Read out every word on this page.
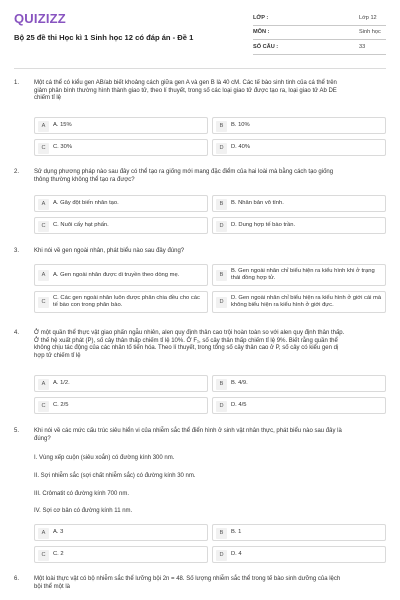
QUIZIZZ
Bộ 25 đề thi Học kì 1 Sinh học 12 có đáp án - Đề 1
LỚP :	Lớp 12
MÔN :	Sinh học
SỐ CÂU :	33
1. Một cá thể có kiểu gen AB/ab biết khoảng cách giữa gen A và gen B là 40 cM. Các tế bào sinh tinh của cá thể trên
giảm phân bình thường hình thành giao tử, theo lí thuyết, trong số các loại giao tử được tạo ra, loại giao tử Ab DE
chiếm tỉ lệ
A	A. 15%	B	B. 10%
C	C. 30%	D	D. 40%
2. Sử dụng phương pháp nào sau đây có thể tạo ra giống mới mang đặc điểm của hai loài mà bằng cách tạo giống
thông thường không thể tạo ra được?
A	A. Gây đột biến nhân tạo.	B	B. Nhân bản vô tính.
C	C. Nuôi cấy hạt phấn.	D	D. Dung hợp tế bào trần.
3. Khi nói về gen ngoài nhân, phát biểu nào sau đây đúng?
A	A. Gen ngoài nhân được di truyền theo dòng mẹ.	B
B. Gen ngoài nhân chỉ biểu hiện ra kiểu hình khi ở trạng thái đồng hợp tử.
C
C. Các gen ngoài nhân luôn được phân chia đều cho các tế bào con trong phân bào.	D
D. Gen ngoài nhân chỉ biểu hiện ra kiểu hình ở giới cái mà không biểu hiện ra kiểu hình ở giới đực.
4. Ở một quần thể thực vật giao phấn ngẫu nhiên, alen quy định thân cao trội hoàn toàn so với alen quy định thân thấp.
Ở thế hệ xuất phát (P), số cây thân thấp chiếm tỉ lệ 10%. Ở F₁, số cây thân thấp chiếm tỉ lệ 9%. Biết rằng quần thể
không chịu tác động của các nhân tố tiến hóa. Theo lí thuyết, trong tổng số cây thân cao ở P, số cây có kiểu gen dị
hợp tử chiếm tỉ lệ
A	A. 1/2.	B	B. 4/9.
C	C. 2/5	D	D. 4/5
5. Khi nói về các mức cấu trúc siêu hiển vi của nhiễm sắc thể điển hình ở sinh vật nhân thực, phát biểu nào sau đây là
đúng?
I. Vùng xếp cuộn (siêu xoắn) có đường kính 300 nm.
II. Sợi nhiễm sắc (sợi chất nhiễm sắc) có đường kính 30 nm.
III. Crômatit có đường kính 700 nm.
IV. Sợi cơ bản có đường kính 11 nm.
A	A. 3	B	B. 1
C	C. 2	D	D. 4
6. Một loài thực vật có bộ nhiễm sắc thể lưỡng bội 2n = 48. Số lượng nhiễm sắc thể trong tế bào sinh dưỡng của lệch
bội thể một là
